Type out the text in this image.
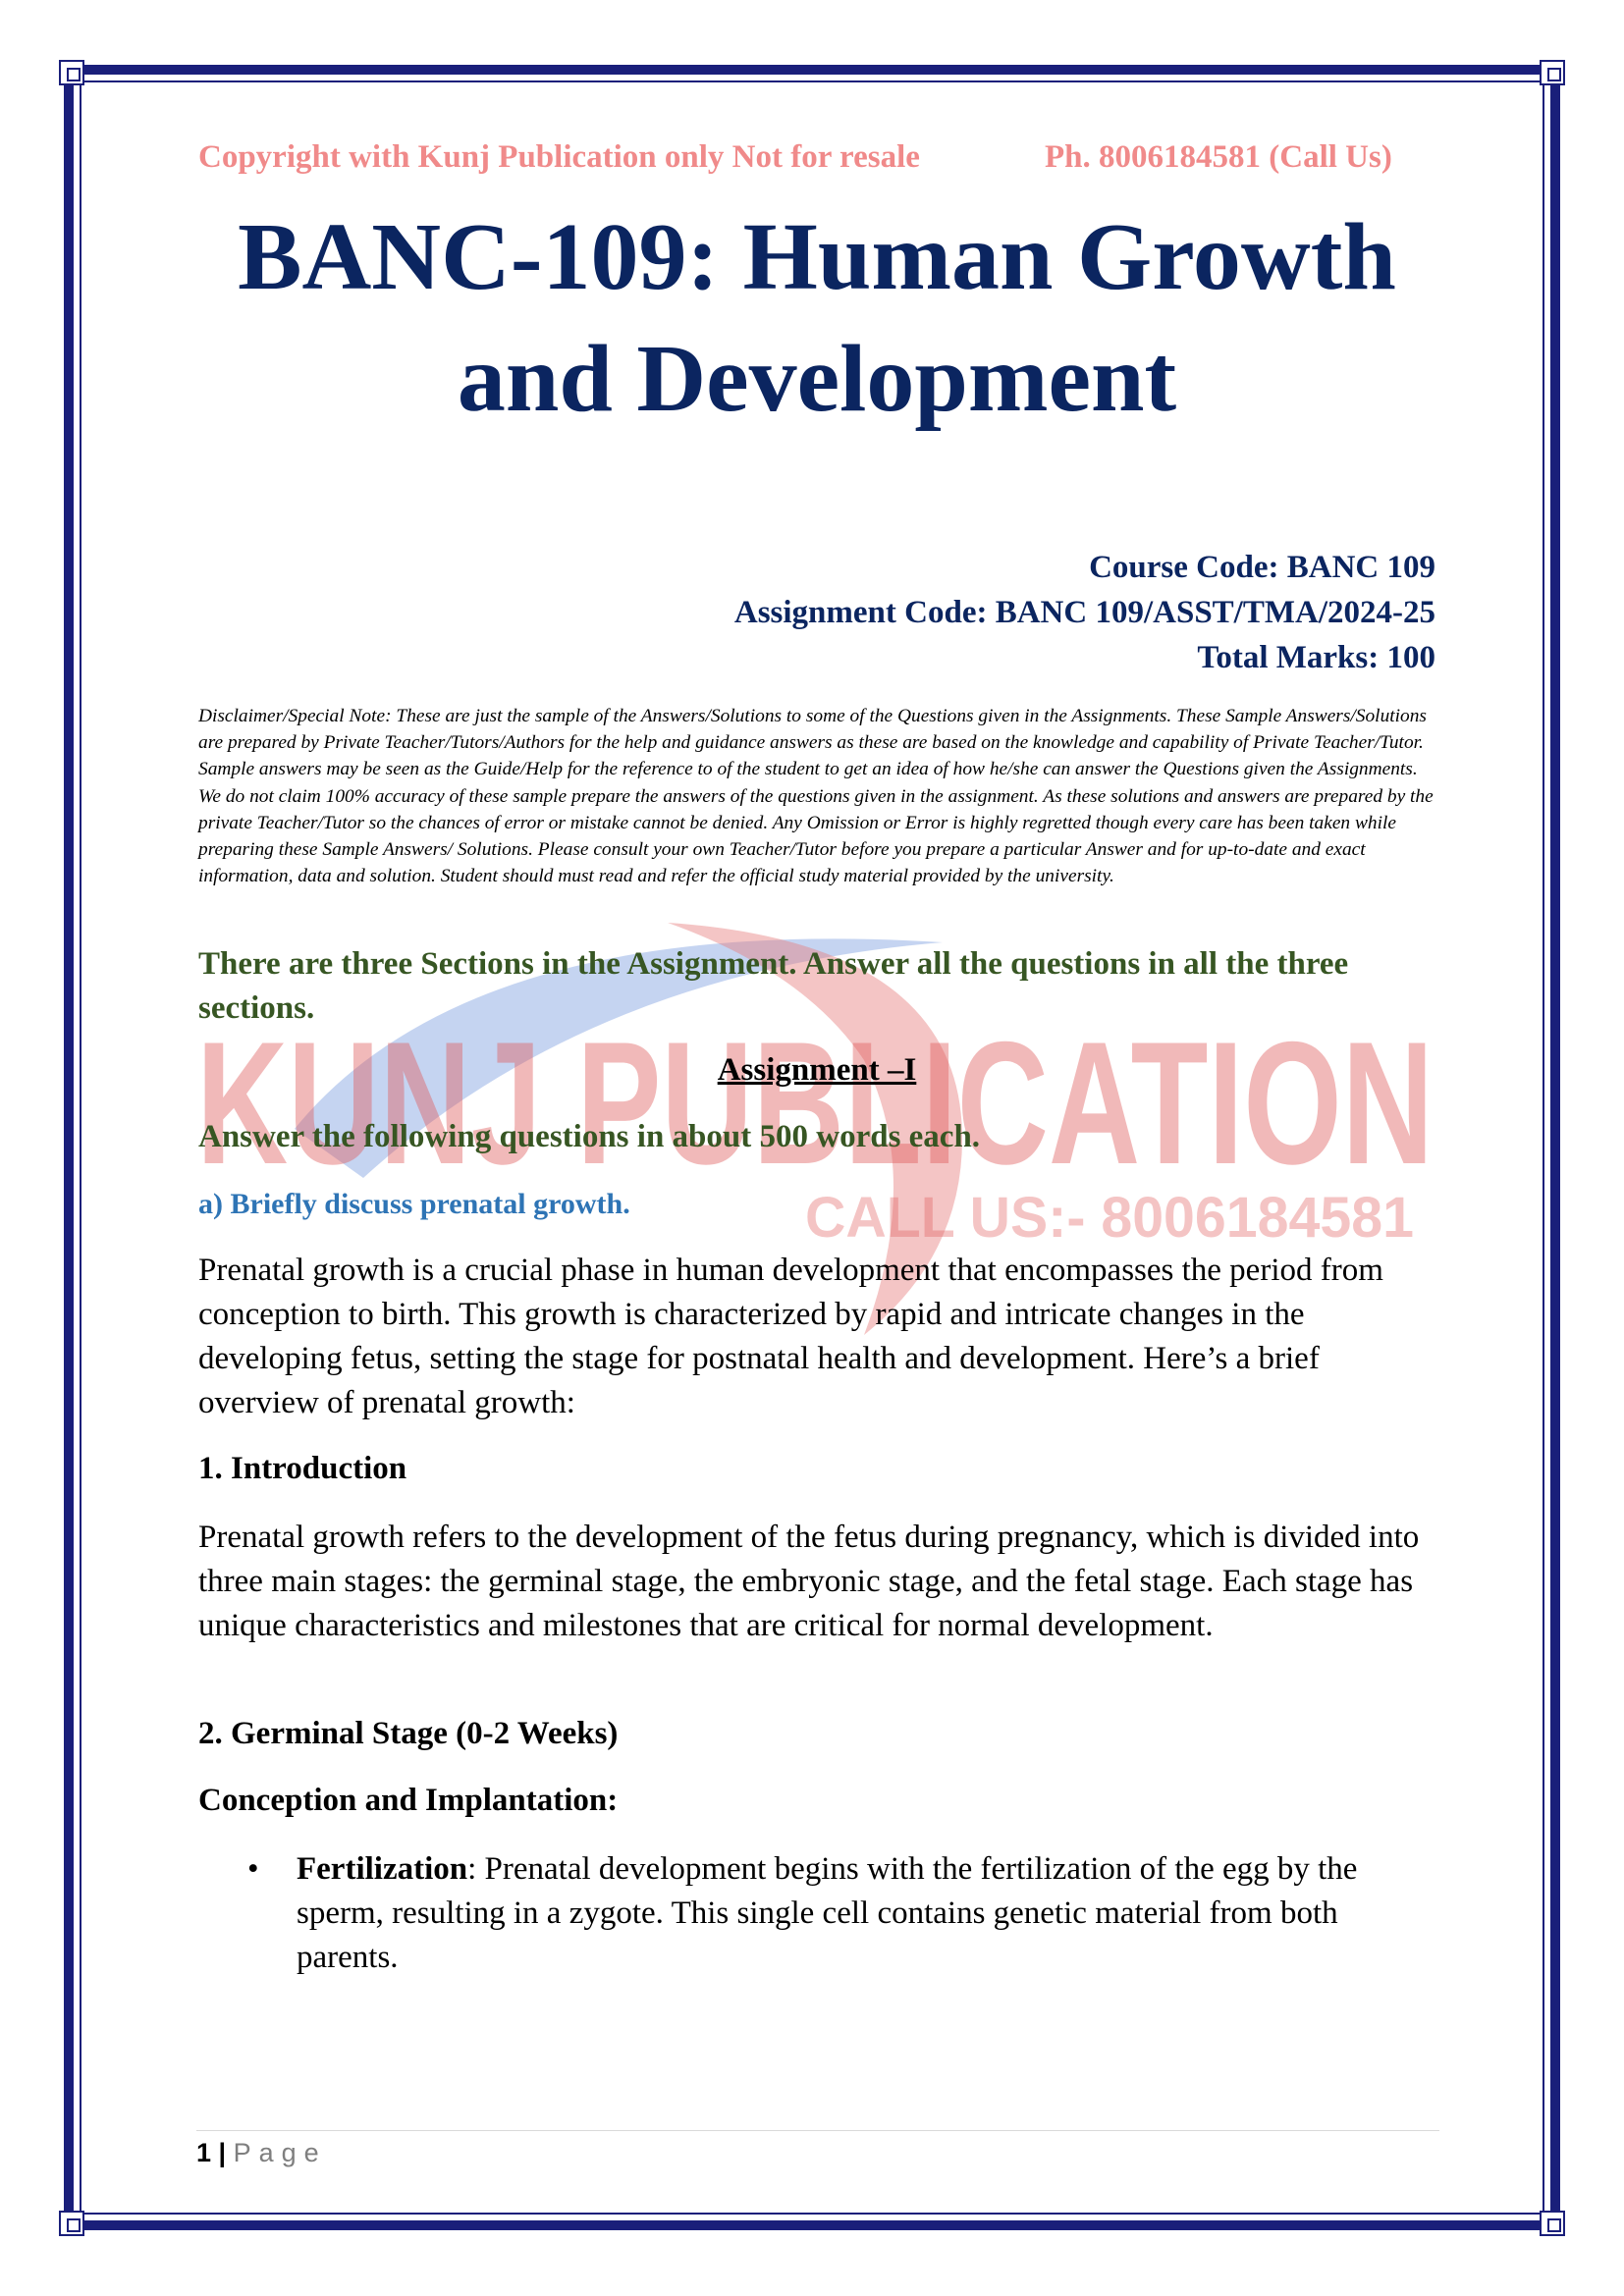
KUNJ PUBLICATION
CALL US:- 8006184581
Copyright with Kunj Publication only Not for resale	Ph. 8006184581 (Call Us)
BANC-109: Human Growth
and Development
Course Code: BANC 109
Assignment Code: BANC 109/ASST/TMA/2024-25
Total Marks: 100
Disclaimer/Special Note: These are just the sample of the Answers/Solutions to some of the Questions given in the Assignments. These Sample Answers/Solutions are prepared by Private Teacher/Tutors/Authors for the help and guidance answers as these are based on the knowledge and capability of Private Teacher/Tutor. Sample answers may be seen as the Guide/Help for the reference to of the student to get an idea of how he/she can answer the Questions given the Assignments. We do not claim 100% accuracy of these sample prepare the answers of the questions given in the assignment. As these solutions and answers are prepared by the private Teacher/Tutor so the chances of error or mistake cannot be denied. Any Omission or Error is highly regretted though every care has been taken while preparing these Sample Answers/ Solutions. Please consult your own Teacher/Tutor before you prepare a particular Answer and for up-to-date and exact information, data and solution. Student should must read and refer the official study material provided by the university.
There are three Sections in the Assignment. Answer all the questions in all the three sections.
Assignment –I
Answer the following questions in about 500 words each.
a) Briefly discuss prenatal growth.
Prenatal growth is a crucial phase in human development that encompasses the period from conception to birth. This growth is characterized by rapid and intricate changes in the developing fetus, setting the stage for postnatal health and development. Here’s a brief overview of prenatal growth:
1. Introduction
Prenatal growth refers to the development of the fetus during pregnancy, which is divided into three main stages: the germinal stage, the embryonic stage, and the fetal stage. Each stage has unique characteristics and milestones that are critical for normal development.
2. Germinal Stage (0-2 Weeks)
Conception and Implantation:
• Fertilization: Prenatal development begins with the fertilization of the egg by the sperm, resulting in a zygote. This single cell contains genetic material from both parents.
1 | Page
